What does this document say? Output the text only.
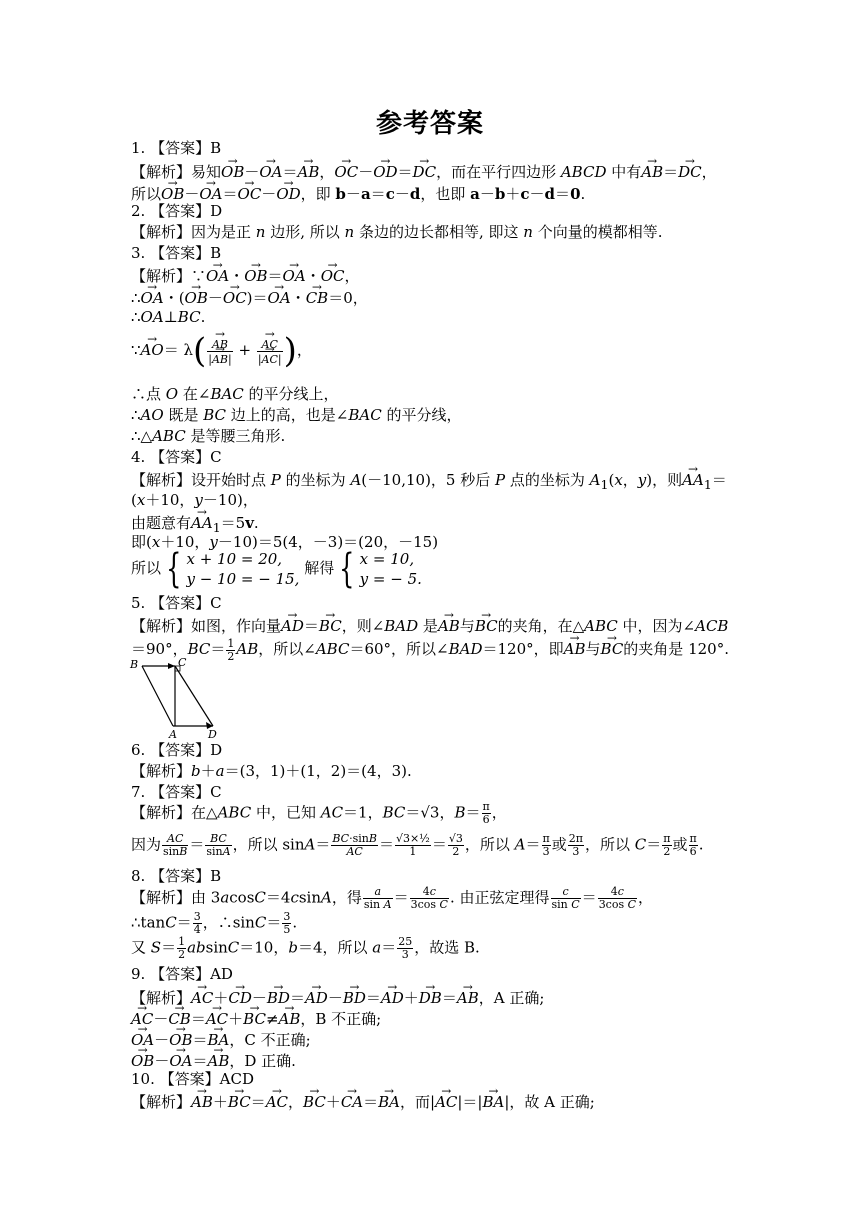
参考答案
1. 【答案】B
【解析】易知→ OB－→ OA＝→ AB，→ OC－→ OD＝→ DC，而在平行四边形 ABCD 中有→ AB＝→ DC，
所以→ OB－→ OA＝→ OC－→ OD，即 b－a＝c－d，也即 a－b＋c－d＝0.
2. 【答案】D
【解析】因为是正 n 边形, 所以 n 条边的边长都相等, 即这 n 个向量的模都相等.
3. 【答案】B
【解析】∵→ OA・→ OB＝→ OA・→ OC，
∴→ OA・(→ OB－→ OC)＝→ OA・→ CB＝0，
∴OA⊥BC.
∵→ AO＝ λ(
→ $\frac{AB}{|\to AB|}$ +
→ $\frac{AC}{|\to AC|}$ )，
∴点 O 在∠BAC 的平分线上，
∴AO 既是 BC 边上的高，也是∠BAC 的平分线，
∴△ABC 是等腰三角形.
4. 【答案】C
【解析】设开始时点 P 的坐标为 A(－10,10)，5 秒后 P 点的坐标为 $A_1(x$，y)，则→ $AA_1=$
(x＋10，y－10)，
由题意有→ $AA_1=5v$.
即(x＋10，y－10)＝5(4，－3)＝(20，－15)
所以 { x + 10 = 20,
y − 10 = − 15, 解得 { x = 10,
y = − 5.
5. 【答案】C
【解析】如图，作向量→ AD＝→ BC，则∠BAD 是→ AB与→ BC的夹角，在△ABC 中，因为∠ACB
＝90°，$BC= \frac{1}{2}$ AB，所以∠ABC＝60°，所以∠BAD＝120°，即→ AB与→ BC的夹角是 120°.
B	C
A	D
6. 【答案】D
【解析】b＋a＝(3，1)＋(1，2)＝(4，3).
7. 【答案】C
【解析】在△ABC 中，已知 AC＝1，BC＝√3，$B= \frac{\pi}{6}$ ，
因为 $\frac{AC}{\sin B} = \frac{BC}{\sin A}$ ，所以 $\sin A= \frac{BC\cdot\sin B}{AC} = \frac{\text{√3×½}}{1} = \frac{√3}{2}$ ，所以 $A= \frac{\pi}{3}$ 或 $\frac{2\pi}{3}$ ，所以 $C= \frac{\pi}{2}$ 或 $\frac{\pi}{6}$ .
8. 【答案】B
【解析】由 3acosC＝4csinA，得 $\frac{a}{\text{sin A}} = \frac{4c}{\text{3cos C}}$ . 由正弦定理得 $\frac{c}{\text{sin C}} = \frac{4c}{\text{3cos C}}$ ，
∴tanC＝ $\frac{3}{4}$ ，∴sinC＝ $\frac{3}{5}$ .
又 $S= \frac{1}{2} absinC=10$，b＝4，所以 $a= \frac{25}{3}$ ，故选 B.
9. 【答案】AD
【解析】→ AC＋→ CD－→ BD＝→ AD－→ BD＝→ AD＋→ DB＝→ AB，A 正确;
→ AC－→ CB＝→ AC＋→ BC≠→ AB，B 不正确;
→ OA－→ OB＝→ BA，C 不正确;
→ OB－→ OA＝→ AB，D 正确.
10. 【答案】ACD
【解析】→ AB＋→ BC＝→ AC，→ BC＋→ CA＝→ BA，而|→ AC|＝|→ BA|，故 A 正确;
